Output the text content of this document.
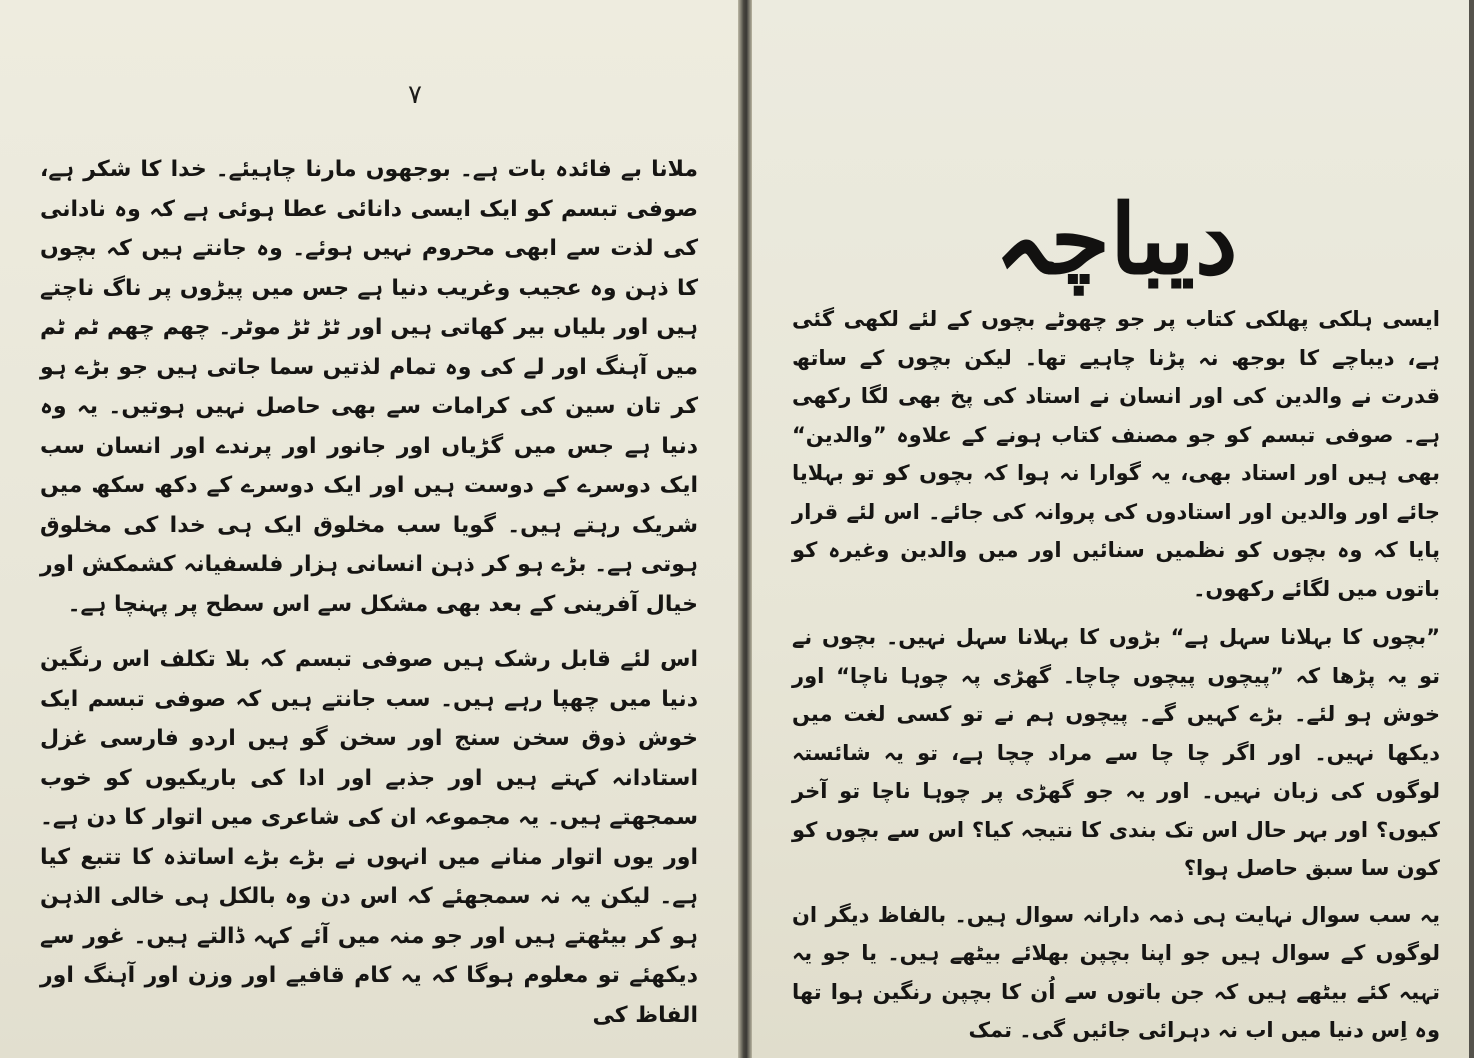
۷

ملانا بے فائدہ بات ہے۔ بوجھوں مارنا چاہیئے۔ خدا کا شکر ہے، صوفی تبسم کو ایک ایسی دانائی عطا ہوئی ہے کہ وہ نادانی کی لذت سے ابھی محروم نہیں ہوئے۔ وہ جانتے ہیں کہ بچوں کا ذہن وہ عجیب وغریب دنیا ہے جس میں پیڑوں پر ناگ ناچتے ہیں اور بلیاں بیر کھاتی ہیں اور ٹڑ ٹڑ موٹر۔ چھم چھم ٹم ٹم میں آہنگ اور لے کی وہ تمام لذتیں سما جاتی ہیں جو بڑے ہو کر تان سین کی کرامات سے بھی حاصل نہیں ہوتیں۔ یہ وہ دنیا ہے جس میں گڑیاں اور جانور اور پرندے اور انسان سب ایک دوسرے کے دوست ہیں اور ایک دوسرے کے دکھ سکھ میں شریک رہتے ہیں۔ گویا سب مخلوق ایک ہی خدا کی مخلوق ہوتی ہے۔ بڑے ہو کر ذہن انسانی ہزار فلسفیانہ کشمکش اور خیال آفرینی کے بعد بھی مشکل سے اس سطح پر پہنچا ہے۔

اس لئے قابل رشک ہیں صوفی تبسم کہ بلا تکلف اس رنگین دنیا میں چھپا رہے ہیں۔ سب جانتے ہیں کہ صوفی تبسم ایک خوش ذوق سخن سنج اور سخن گو ہیں اردو فارسی غزل استادانہ کہتے ہیں اور جذبے اور ادا کی باریکیوں کو خوب سمجھتے ہیں۔ یہ مجموعہ ان کی شاعری میں اتوار کا دن ہے۔ اور یوں اتوار منانے میں انہوں نے بڑے بڑے اساتذہ کا تتبع کیا ہے۔ لیکن یہ نہ سمجھئے کہ اس دن وہ بالکل ہی خالی الذہن ہو کر بیٹھتے ہیں اور جو منہ میں آئے کہہ ڈالتے ہیں۔ غور سے دیکھئے تو معلوم ہوگا کہ یہ کام قافیے اور وزن اور آہنگ اور الفاظ کی

دیباچہ

ایسی ہلکی پھلکی کتاب پر جو چھوٹے بچوں کے لئے لکھی گئی ہے، دیباچے کا بوجھ نہ پڑنا چاہیے تھا۔ لیکن بچوں کے ساتھ قدرت نے والدین کی اور انسان نے استاد کی پخ بھی لگا رکھی ہے۔ صوفی تبسم کو جو مصنف کتاب ہونے کے علاوہ ”والدین“ بھی ہیں اور استاد بھی، یہ گوارا نہ ہوا کہ بچوں کو تو بہلایا جائے اور والدین اور استادوں کی پروانہ کی جائے۔ اس لئے قرار پایا کہ وہ بچوں کو نظمیں سنائیں اور میں والدین وغیرہ کو باتوں میں لگائے رکھوں۔

”بچوں کا بہلانا سہل ہے“ بڑوں کا بہلانا سہل نہیں۔ بچوں نے تو یہ پڑھا کہ ”پیچوں پیچوں چاچا۔ گھڑی پہ چوہا ناچا“ اور خوش ہو لئے۔ بڑے کہیں گے۔ پیچوں ہم نے تو کسی لغت میں دیکھا نہیں۔ اور اگر چا چا سے مراد چچا ہے، تو یہ شائستہ لوگوں کی زبان نہیں۔ اور یہ جو گھڑی پر چوہا ناچا تو آخر کیوں؟ اور بہر حال اس تک بندی کا نتیجہ کیا؟ اس سے بچوں کو کون سا سبق حاصل ہوا؟

یہ سب سوال نہایت ہی ذمہ دارانہ سوال ہیں۔ بالفاظ دیگر ان لوگوں کے سوال ہیں جو اپنا بچپن بھلائے بیٹھے ہیں۔ یا جو یہ تہیہ کئے بیٹھے ہیں کہ جن باتوں سے اُن کا بچپن رنگین ہوا تھا وہ اِس دنیا میں اب نہ دہرائی جائیں گی۔ تمک
